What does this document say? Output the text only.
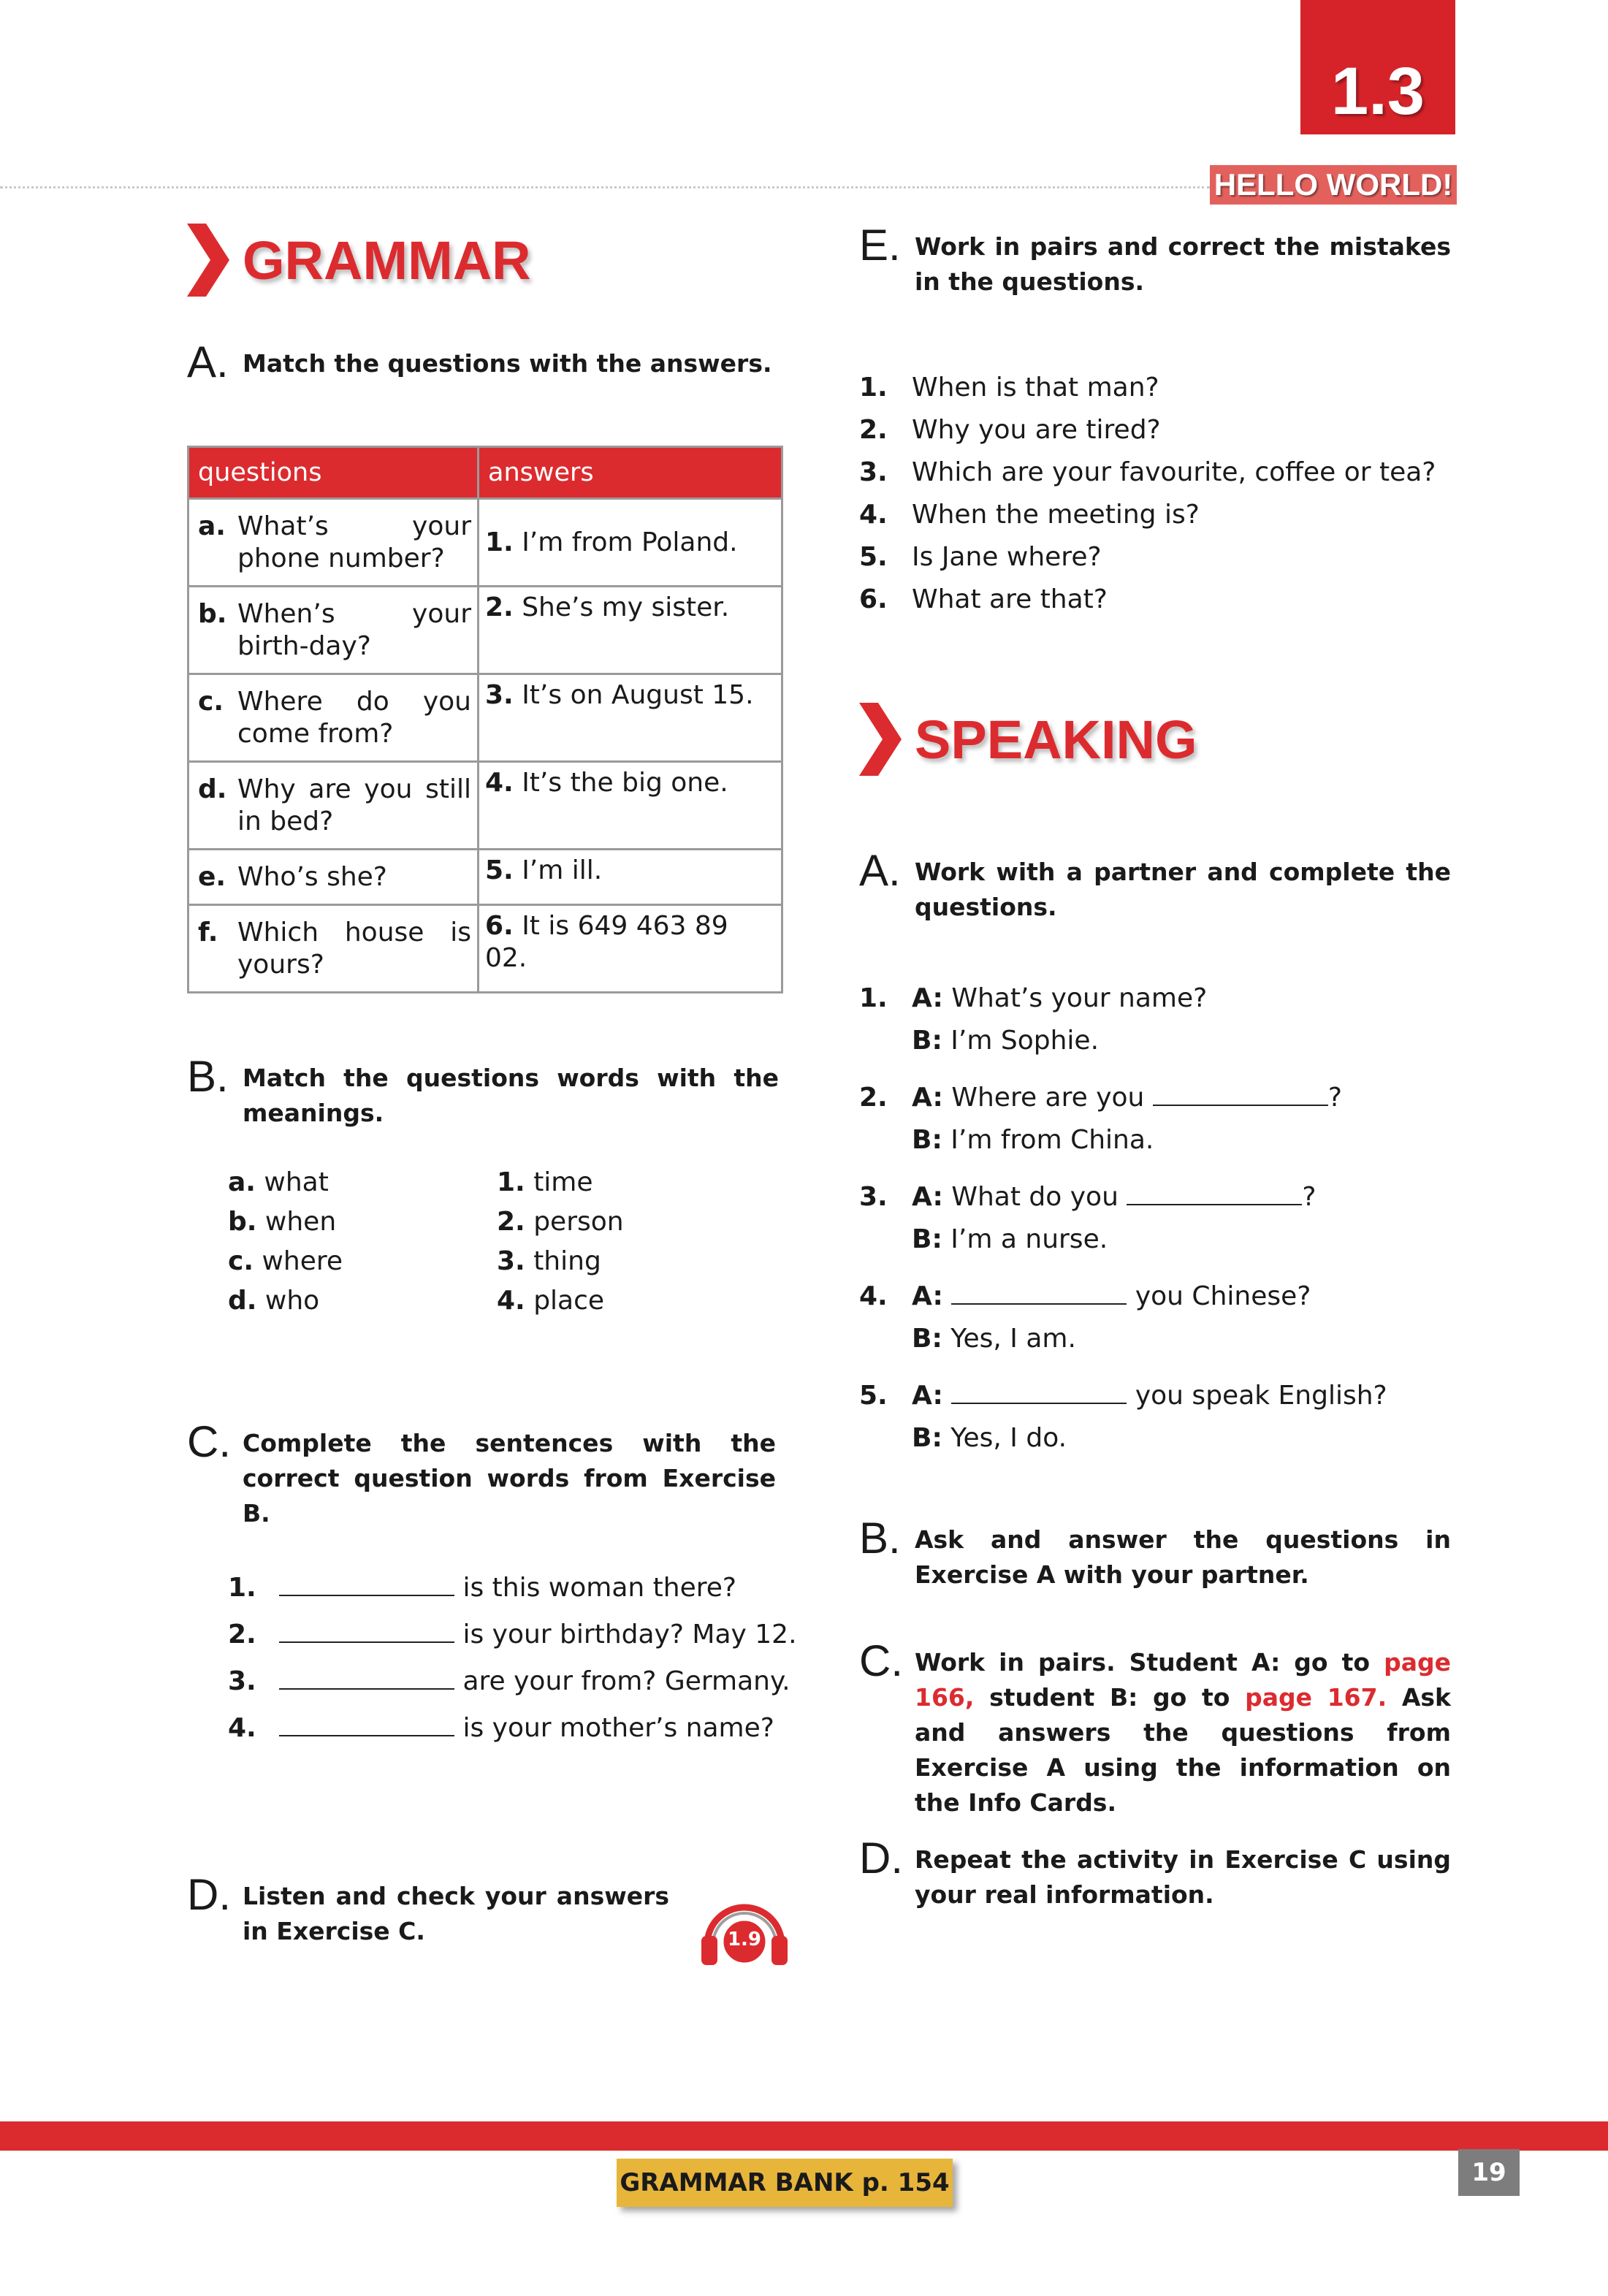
1.3
HELLO WORLD!
GRAMMAR
A. Match the questions with the answers.
questions	answers

a. What’s your phone number?	1. I’m from Poland.

b. When’s your birth-day?	2. She’s my sister.

c. Where do you come from?	3. It’s on August 15.

d. Why are you still in bed?	4. It’s the big one.

e. Who’s she?	5. I’m ill.

f. Which house is yours?	6. It is 649 463 89 02.
B. Match the questions words with the meanings.
a. what
b. when
c. where
d. who
1. time
2. person
3. thing
4. place
C. Complete the sentences with the correct question words from Exercise B.
1.	is this woman there?
2.	is your birthday? May 12.
3.	are your from? Germany.
4.	is your mother’s name?
D. Listen and check your answers in Exercise C.	1.9
E. Work in pairs and correct the mistakes in the questions.
1. When is that man?
2. Why you are tired?
3. Which are your favourite, coffee or tea?
4. When the meeting is?
5. Is Jane where?
6. What are that?
SPEAKING
A. Work with a partner and complete the questions.
1. A: What’s your name?
B: I’m Sophie.
2. A: Where are you	?
B: I’m from China.
3. A: What do you	?
B: I’m a nurse.
4. A:	you Chinese?
B: Yes, I am.
5. A:	you speak English?
B: Yes, I do.
B. Ask and answer the questions in Exercise A with your partner.
C. Work in pairs. Student A: go to page 166, student B: go to page 167. Ask and answers the questions from Exercise A using the information on the Info Cards.
D. Repeat the activity in Exercise C using your real information.
GRAMMAR BANK p. 154	19
